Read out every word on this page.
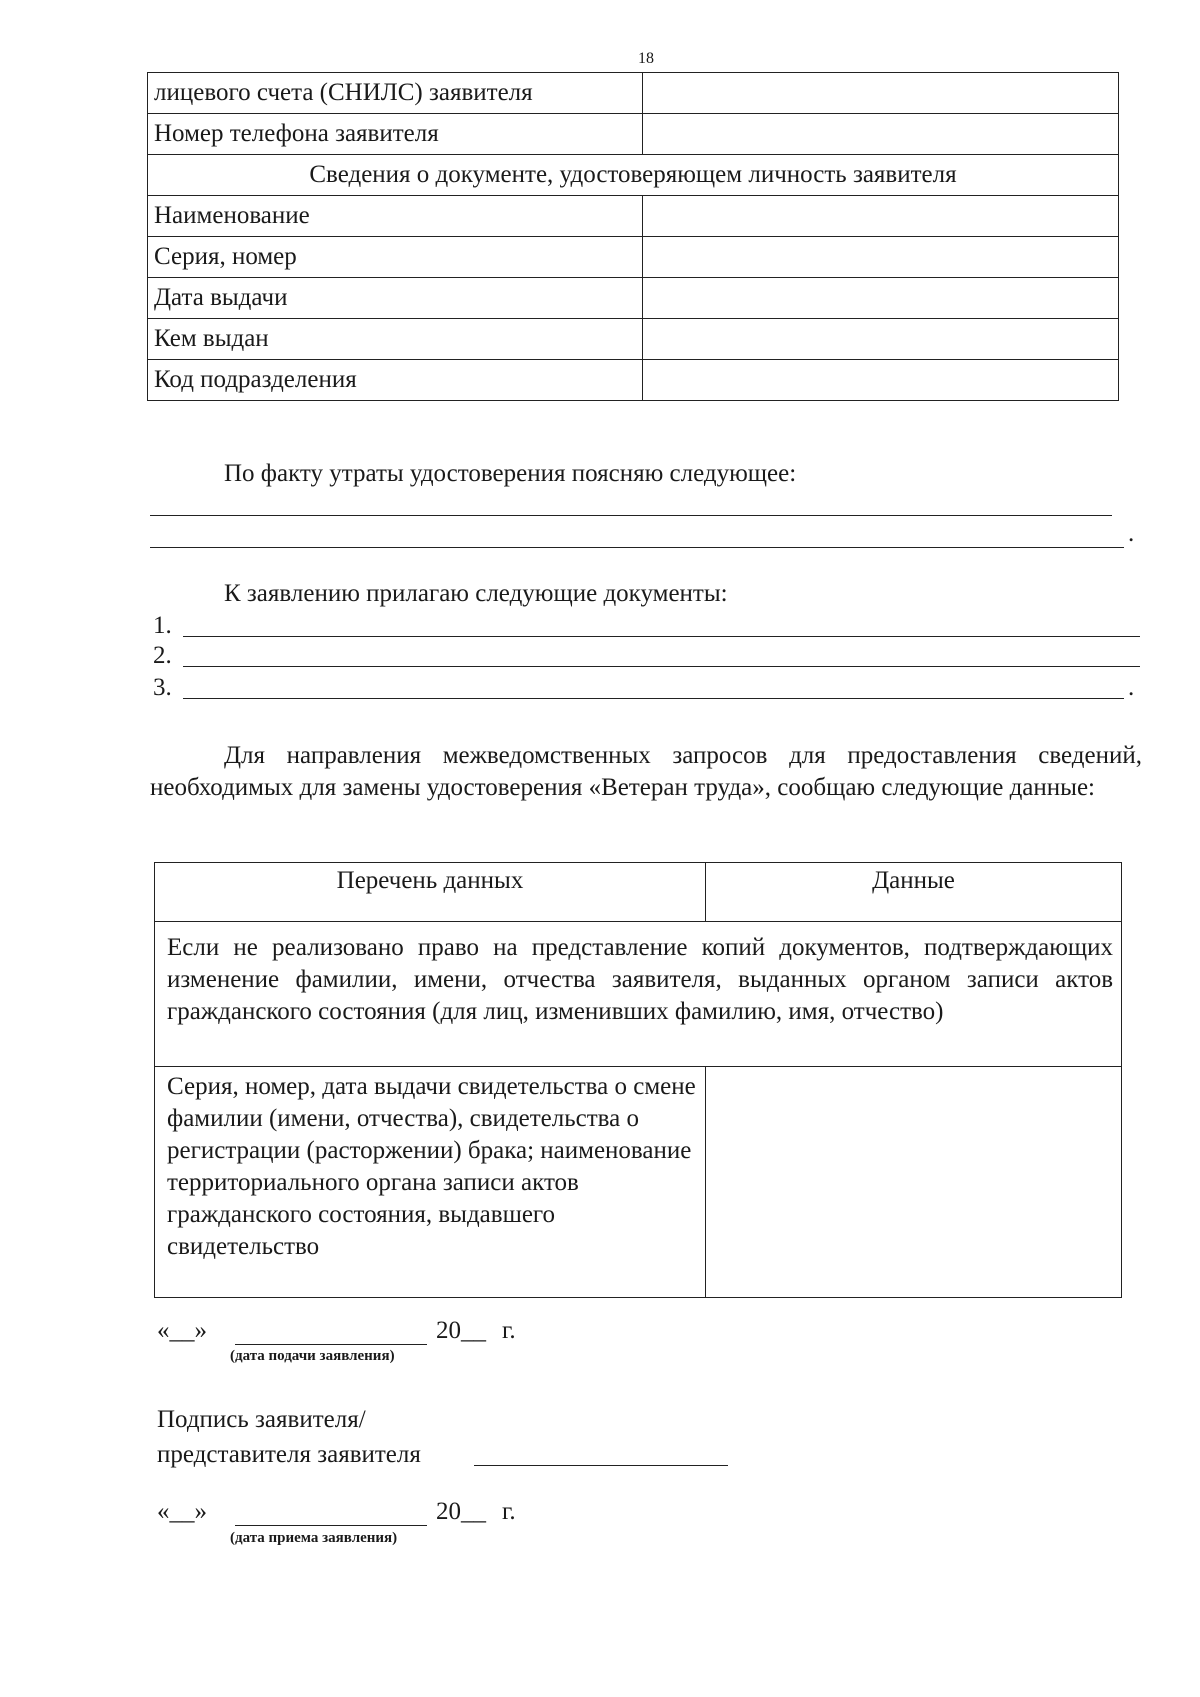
18
лицевого счета (СНИЛС) заявителя	
Номер телефона заявителя	
Сведения о документе, удостоверяющем личность заявителя	
Наименование	
Серия, номер	
Дата выдачи	
Кем выдан	
Код подразделения	
По факту утраты удостоверения поясняю следующее:
.
К заявлению прилагаю следующие документы:
1.
2.
3.	.
Для направления межведомственных запросов для предоставления сведений, необходимых для замены удостоверения «Ветеран труда», сообщаю следующие данные:
Перечень данных	Данные
Если не реализовано право на представление копий документов, подтверждающих изменение фамилии, имени, отчества заявителя, выданных органом записи актов гражданского состояния (для лиц, изменивших фамилию, имя, отчество)	
Серия, номер, дата выдачи свидетельства о смене фамилии (имени, отчества), свидетельства о регистрации (расторжении) брака; наименование территориального органа записи актов гражданского состояния, выдавшего свидетельство	
«__»	20__ г.
(дата подачи заявления)
Подпись заявителя/
представителя заявителя
«__»	20__ г.
(дата приема заявления)
